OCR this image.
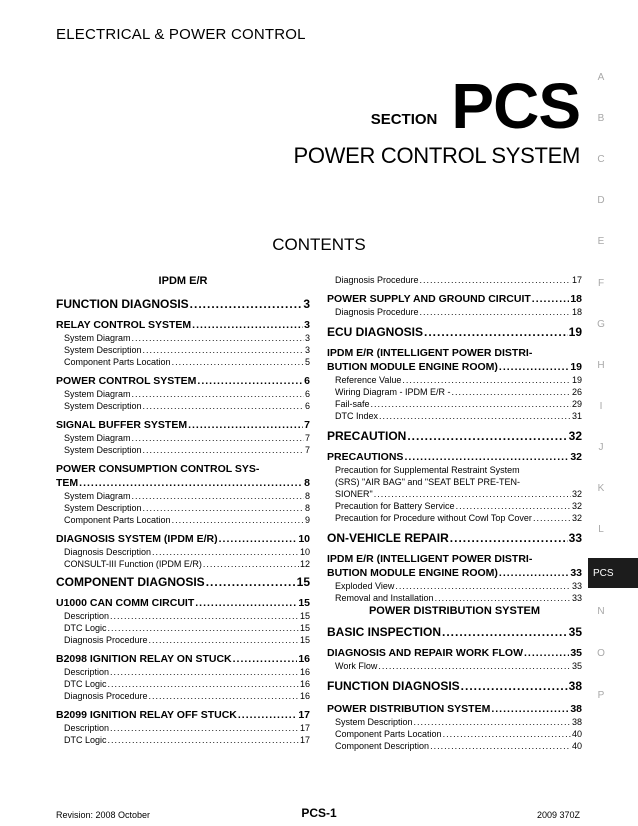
ELECTRICAL & POWER CONTROL
SECTION PCS
POWER CONTROL SYSTEM
CONTENTS
IPDM E/R
FUNCTION DIAGNOSIS .....	3
RELAY CONTROL SYSTEM .....	3
System Diagram .....	3
System Description .....	3
Component Parts Location .....	5
POWER CONTROL SYSTEM .....	6
System Diagram .....	6
System Description .....	6
SIGNAL BUFFER SYSTEM .....	7
System Diagram .....	7
System Description .....	7
POWER CONSUMPTION CONTROL SYS-
TEM .....	8
System Diagram .....	8
System Description .....	8
Component Parts Location .....	9
DIAGNOSIS SYSTEM (IPDM E/R) .....	10
Diagnosis Description .....	10
CONSULT-III Function (IPDM E/R) .....	12
COMPONENT DIAGNOSIS .....	15
U1000 CAN COMM CIRCUIT .....	15
Description .....	15
DTC Logic .....	15
Diagnosis Procedure .....	15
B2098 IGNITION RELAY ON STUCK .....	16
Description .....	16
DTC Logic .....	16
Diagnosis Procedure .....	16
B2099 IGNITION RELAY OFF STUCK .....	17
Description .....	17
DTC Logic .....	17
Diagnosis Procedure .....	17
POWER SUPPLY AND GROUND CIRCUIT .....	18
Diagnosis Procedure .....	18
ECU DIAGNOSIS .....	19
IPDM E/R (INTELLIGENT POWER DISTRI-
BUTION MODULE ENGINE ROOM) .....	19
Reference Value .....	19
Wiring Diagram - IPDM E/R - .....	26
Fail-safe .....	29
DTC Index .....	31
PRECAUTION .....	32
PRECAUTIONS .....	32
Precaution for Supplemental Restraint System
(SRS) "AIR BAG" and "SEAT BELT PRE-TEN-
SIONER" .....	32
Precaution for Battery Service .....	32
Precaution for Procedure without Cowl Top Cover .....	32
ON-VEHICLE REPAIR .....	33
IPDM E/R (INTELLIGENT POWER DISTRI-
BUTION MODULE ENGINE ROOM) .....	33
Exploded View .....	33
Removal and Installation .....	33
POWER DISTRIBUTION SYSTEM
BASIC INSPECTION .....	35
DIAGNOSIS AND REPAIR WORK FLOW .....	35
Work Flow .....	35
FUNCTION DIAGNOSIS .....	38
POWER DISTRIBUTION SYSTEM .....	38
System Description .....	38
Component Parts Location .....	40
Component Description .....	40
A
B
C
D
E
F
G
H
I
J
K
L
PCS
N
O
P
Revision: 2008 October	PCS-1	2009 370Z
